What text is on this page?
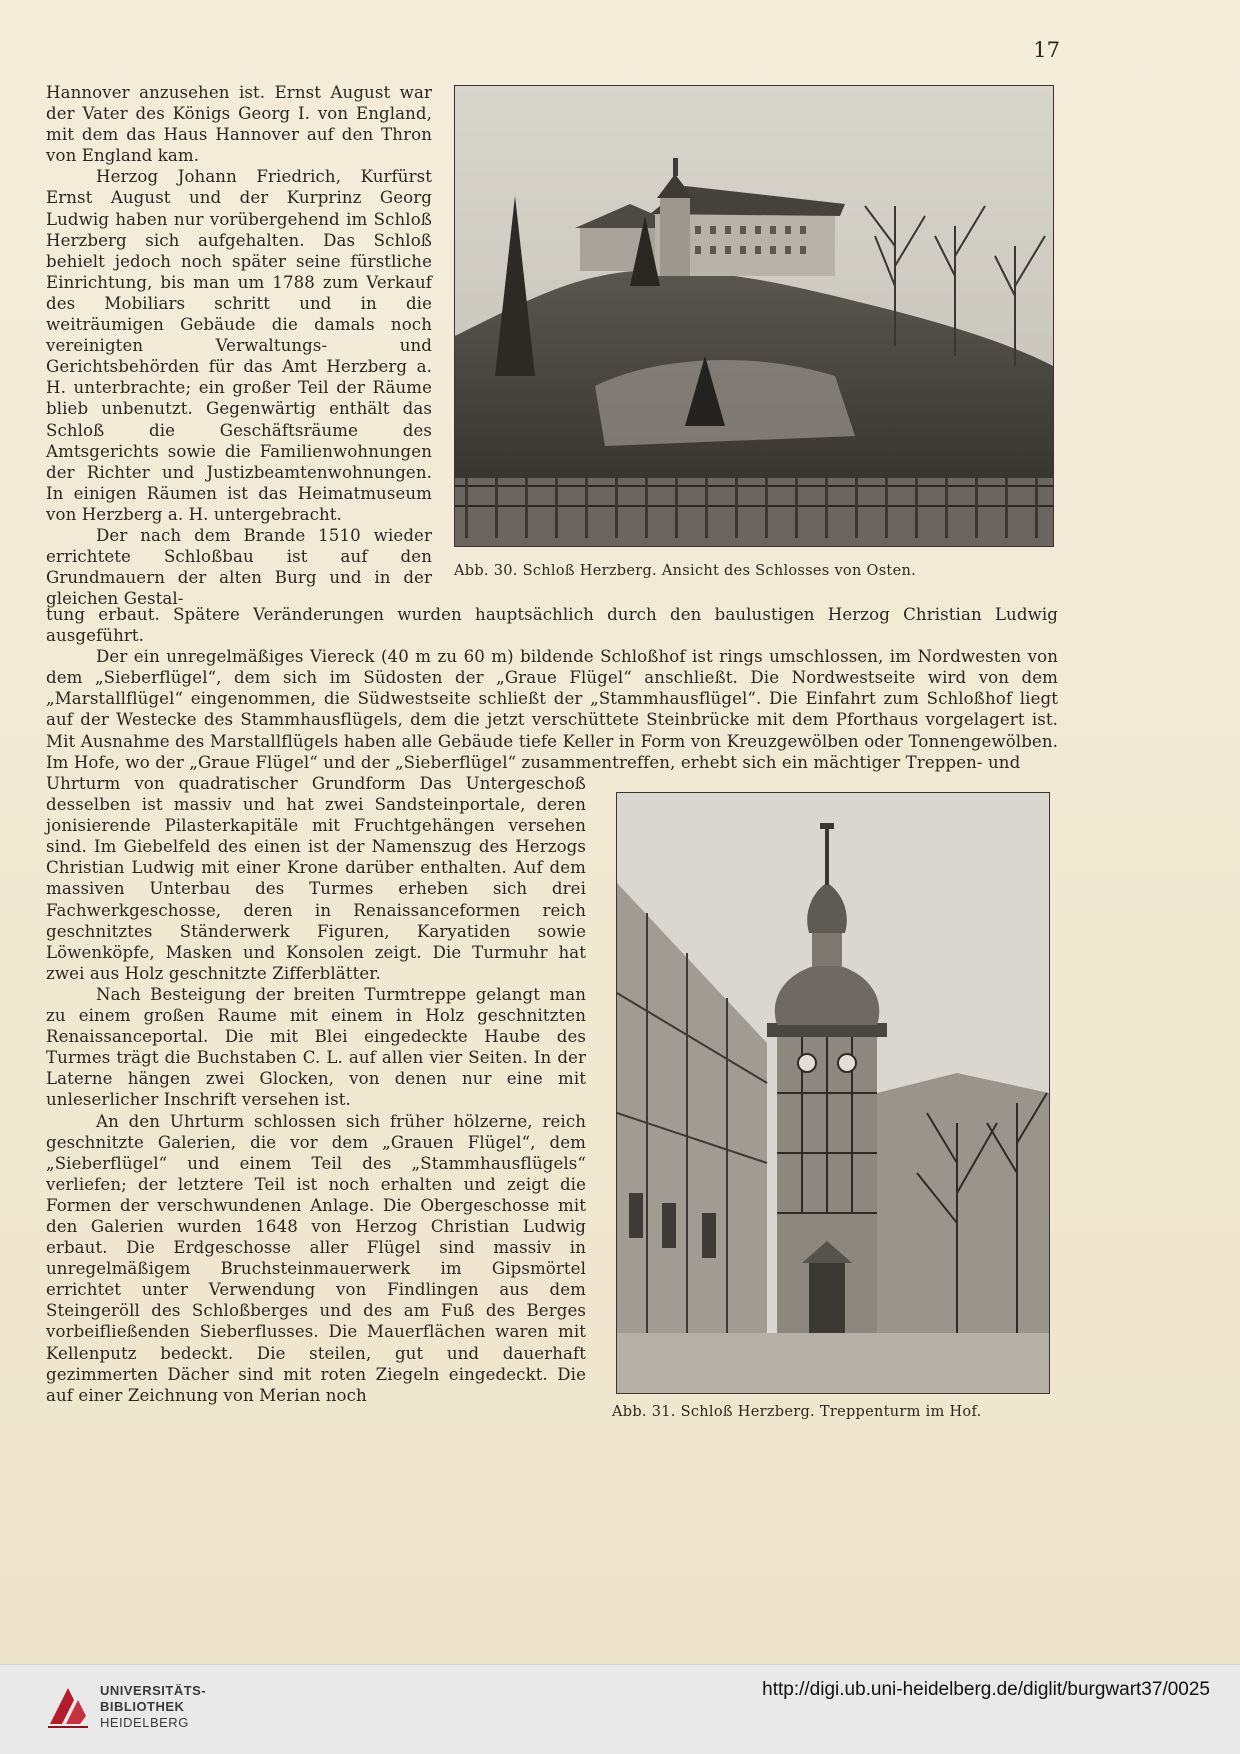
17

Hannover anzusehen ist. Ernst August war der Vater des Königs Georg I. von England, mit dem das Haus Hannover auf den Thron von England kam.

Herzog Johann Friedrich, Kurfürst Ernst August und der Kurprinz Georg Ludwig haben nur vorübergehend im Schloß Herzberg sich aufgehalten. Das Schloß behielt jedoch noch später seine fürstliche Einrichtung, bis man um 1788 zum Verkauf des Mobiliars schritt und in die weiträumigen Gebäude die damals noch vereinigten Verwaltungs- und Gerichtsbehörden für das Amt Herzberg a. H. unterbrachte; ein großer Teil der Räume blieb unbenutzt. Gegenwärtig enthält das Schloß die Geschäftsräume des Amtsgerichts sowie die Familienwohnungen der Richter und Justizbeamtenwohnungen. In einigen Räumen ist das Heimatmuseum von Herzberg a. H. untergebracht.

Der nach dem Brande 1510 wieder errichtete Schloßbau ist auf den Grundmauern der alten Burg und in der gleichen Gestal-

Abb. 30. Schloß Herzberg. Ansicht des Schlosses von Osten.

tung erbaut. Spätere Veränderungen wurden hauptsächlich durch den baulustigen Herzog Christian Ludwig ausgeführt.

Der ein unregelmäßiges Viereck (40 m zu 60 m) bildende Schloßhof ist rings umschlossen, im Nordwesten von dem „Sieberflügel“, dem sich im Südosten der „Graue Flügel“ anschließt. Die Nordwestseite wird von dem „Marstallflügel“ eingenommen, die Südwestseite schließt der „Stammhausflügel“. Die Einfahrt zum Schloßhof liegt auf der Westecke des Stammhausflügels, dem die jetzt verschüttete Steinbrücke mit dem Pforthaus vorgelagert ist. Mit Ausnahme des Marstallflügels haben alle Gebäude tiefe Keller in Form von Kreuzgewölben oder Tonnengewölben. Im Hofe, wo der „Graue Flügel“ und der „Sieberflügel“ zusammentreffen, erhebt sich ein mächtiger Treppen- und

Uhrturm von quadratischer Grundform Das Untergeschoß desselben ist massiv und hat zwei Sandsteinportale, deren jonisierende Pilasterkapitäle mit Fruchtgehängen versehen sind. Im Giebelfeld des einen ist der Namenszug des Herzogs Christian Ludwig mit einer Krone darüber enthalten. Auf dem massiven Unterbau des Turmes erheben sich drei Fachwerkgeschosse, deren in Renaissanceformen reich geschnitztes Ständerwerk Figuren, Karyatiden sowie Löwenköpfe, Masken und Konsolen zeigt. Die Turmuhr hat zwei aus Holz geschnitzte Zifferblätter.

Nach Besteigung der breiten Turmtreppe gelangt man zu einem großen Raume mit einem in Holz geschnitzten Renaissanceportal. Die mit Blei eingedeckte Haube des Turmes trägt die Buchstaben C. L. auf allen vier Seiten. In der Laterne hängen zwei Glocken, von denen nur eine mit unleserlicher Inschrift versehen ist.

An den Uhrturm schlossen sich früher hölzerne, reich geschnitzte Galerien, die vor dem „Grauen Flügel“, dem „Sieberflügel“ und einem Teil des „Stammhausflügels“ verliefen; der letztere Teil ist noch erhalten und zeigt die Formen der verschwundenen Anlage. Die Obergeschosse mit den Galerien wurden 1648 von Herzog Christian Ludwig erbaut. Die Erdgeschosse aller Flügel sind massiv in unregelmäßigem Bruchsteinmauerwerk im Gipsmörtel errichtet unter Verwendung von Findlingen aus dem Steingeröll des Schloßberges und des am Fuß des Berges vorbeifließenden Sieberflusses. Die Mauerflächen waren mit Kellenputz bedeckt. Die steilen, gut und dauerhaft gezimmerten Dächer sind mit roten Ziegeln eingedeckt. Die auf einer Zeichnung von Merian noch

Abb. 31. Schloß Herzberg. Treppenturm im Hof.
UNIVERSITÄTS-
BIBLIOTHEK
HEIDELBERG
http://digi.ub.uni-heidelberg.de/diglit/burgwart37/0025
